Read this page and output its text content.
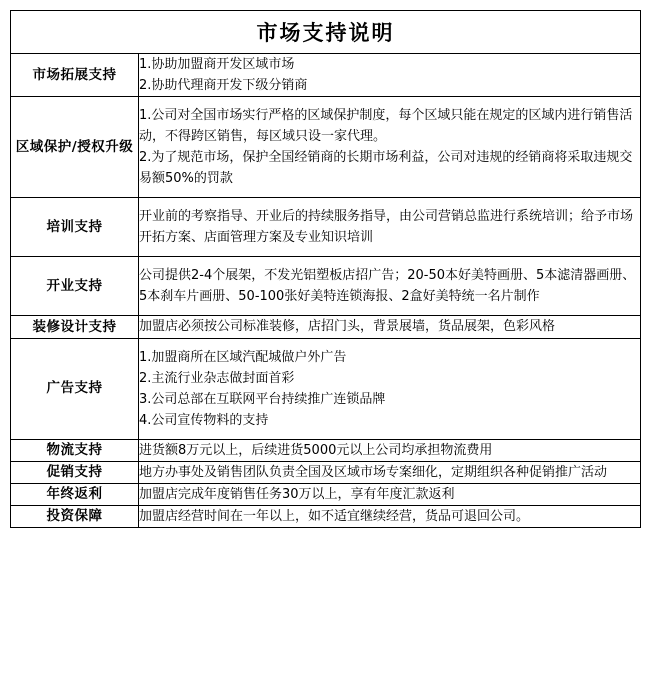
市场支持说明	
市场拓展支持	1.协助加盟商开发区域市场
2.协助代理商开发下级分销商

区域保护/授权升级	1.公司对全国市场实行严格的区域保护制度，每个区域只能在规定的区域内进行销售活动，不得跨区销售，每区域只设一家代理。
2.为了规范市场，保护全国经销商的长期市场利益，公司对违规的经销商将采取违规交易额50%的罚款

培训支持	开业前的考察指导、开业后的持续服务指导，由公司营销总监进行系统培训；给予市场开拓方案、店面管理方案及专业知识培训

开业支持	公司提供2-4个展架，不发光铝塑板店招广告；20-50本好美特画册、5本滤清器画册、5本刹车片画册、50-100张好美特连锁海报、2盒好美特统一名片制作

装修设计支持	加盟店必须按公司标准装修，店招门头，背景展墙，货品展架，色彩风格

广告支持	1.加盟商所在区域汽配城做户外广告
2.主流行业杂志做封面首彩
3.公司总部在互联网平台持续推广连锁品牌
4.公司宣传物料的支持

物流支持	进货额8万元以上，后续进货5000元以上公司均承担物流费用

促销支持	地方办事处及销售团队负责全国及区域市场专案细化，定期组织各种促销推广活动

年终返利	加盟店完成年度销售任务30万以上，享有年度汇款返利

投资保障	加盟店经营时间在一年以上，如不适宜继续经营，货品可退回公司。
